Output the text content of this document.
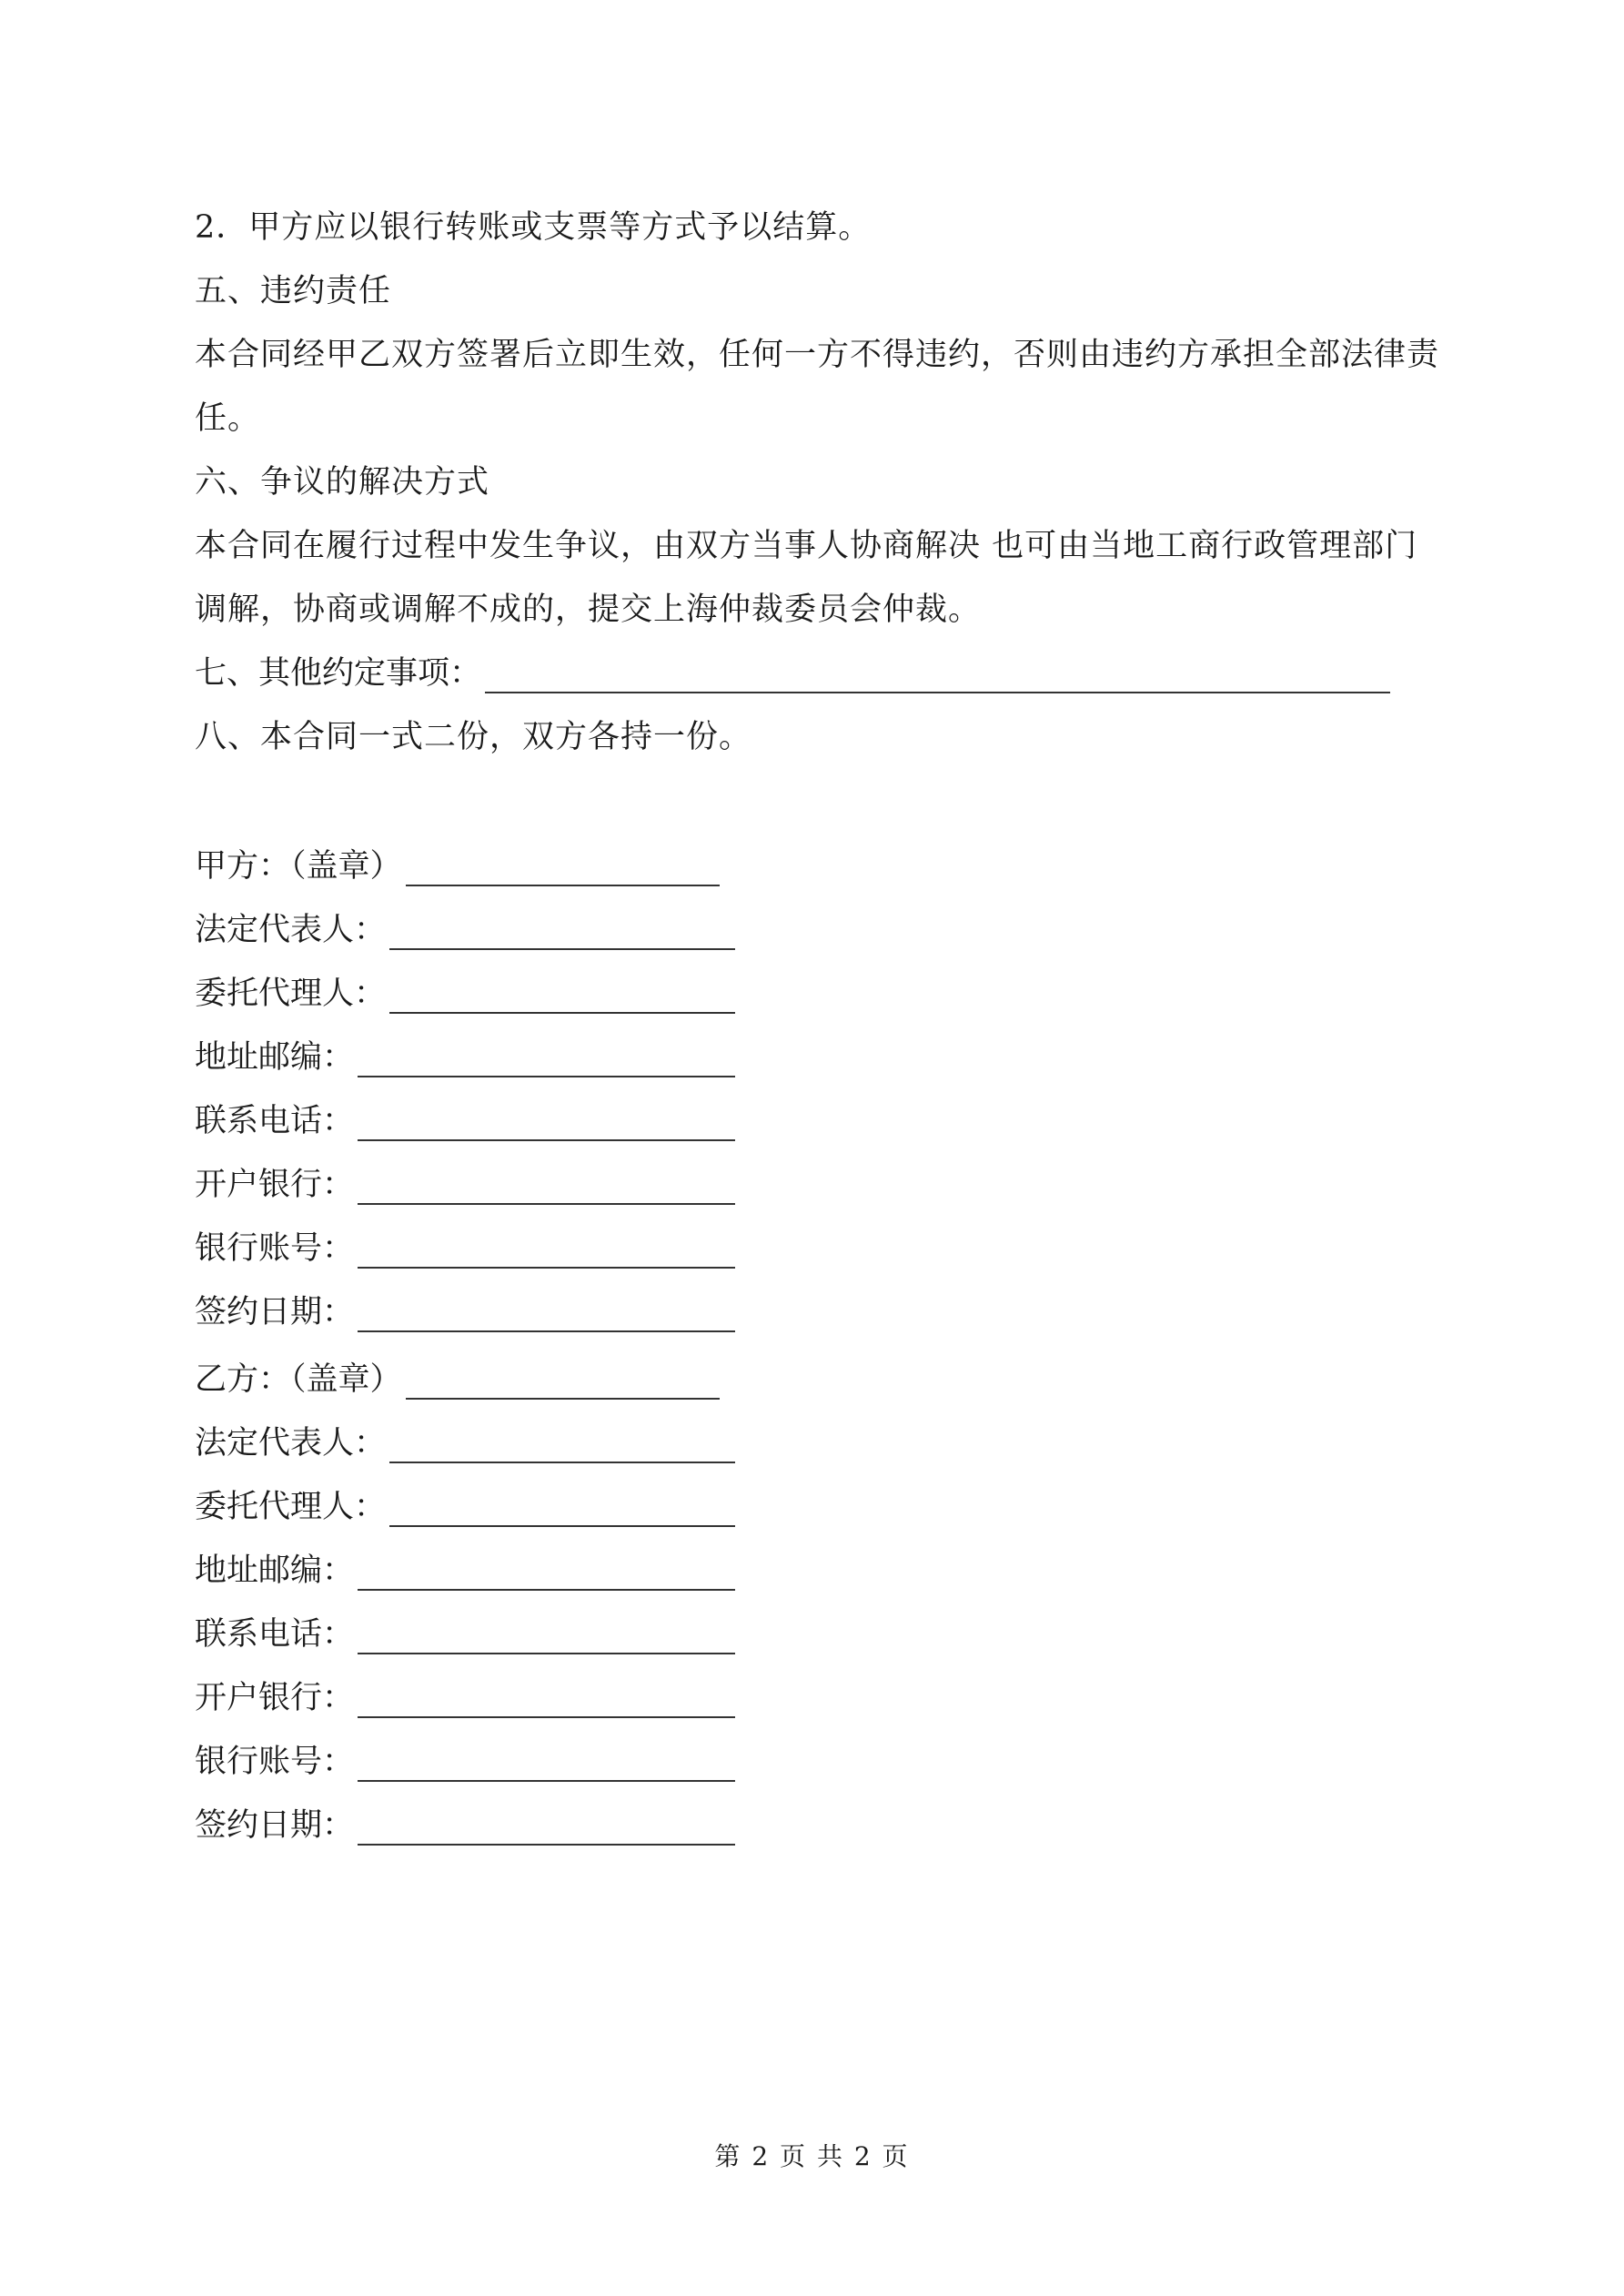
2．甲方应以银行转账或支票等方式予以结算。
五、违约责任
本合同经甲乙双方签署后立即生效，任何一方不得违约，否则由违约方承担全部法律责
任。
六、争议的解决方式
本合同在履行过程中发生争议，由双方当事人协商解决 也可由当地工商行政管理部门
调解，协商或调解不成的，提交上海仲裁委员会仲裁。
七、其他约定事项：
八、本合同一式二份，双方各持一份。
甲方：（盖章）
法定代表人：
委托代理人：
地址邮编：
联系电话：
开户银行：
银行账号：
签约日期：
乙方：（盖章）
法定代表人：
委托代理人：
地址邮编：
联系电话：
开户银行：
银行账号：
签约日期：
第 2 页 共 2 页
